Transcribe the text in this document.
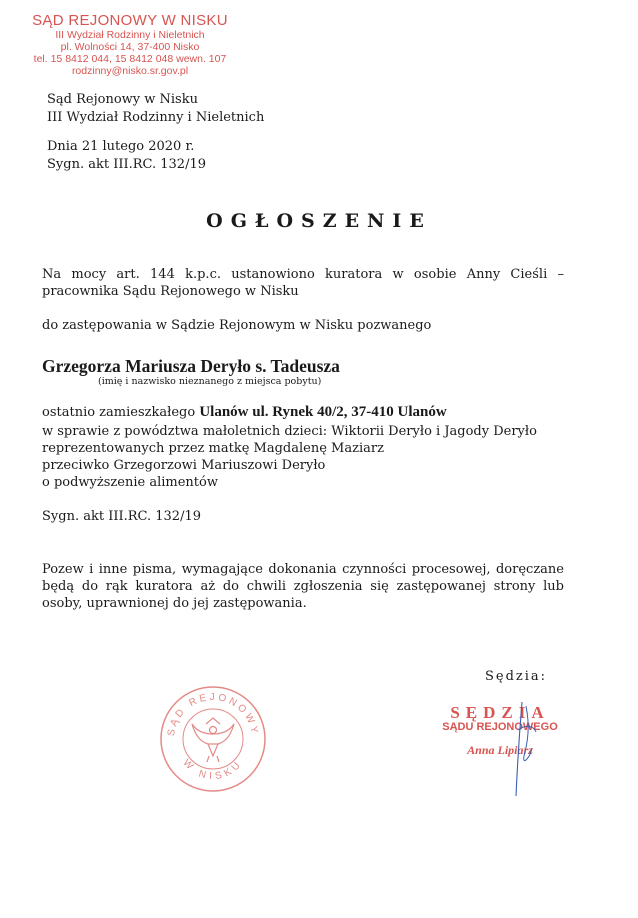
SĄD REJONOWY W NISKU
III Wydział Rodzinny i Nieletnich
pl. Wolności 14, 37-400 Nisko
tel. 15 8412 044, 15 8412 048 wewn. 107
rodzinny@nisko.sr.gov.pl
Sąd Rejonowy w Nisku
III Wydział Rodzinny i Nieletnich
Dnia 21 lutego 2020 r.
Sygn. akt III.RC. 132/19
OGŁOSZENIE
Na mocy art. 144 k.p.c. ustanowiono kuratora w osobie Anny Cieśli – pracownika Sądu Rejonowego w Nisku
do zastępowania w Sądzie Rejonowym w Nisku pozwanego
Grzegorza Mariusza Deryło s. Tadeusza
(imię i nazwisko nieznanego z miejsca pobytu)
ostatnio zamieszkałego Ulanów ul. Rynek 40/2, 37-410 Ulanów
w sprawie z powództwa małoletnich dzieci: Wiktorii Deryło i Jagody Deryło
reprezentowanych przez matkę Magdalenę Maziarz
przeciwko Grzegorzowi Mariuszowi Deryło
o podwyższenie alimentów
Sygn. akt III.RC. 132/19
Pozew i inne pisma, wymagające dokonania czynności procesowej, doręczane będą do rąk kuratora aż do chwili zgłoszenia się zastępowanej strony lub osoby, uprawnionej do jej zastępowania.
Sędzia:
SĄD REJONOWY
W NISKU
SĘDZIA
SĄDU REJONOWEGO
Anna Lipiarz
